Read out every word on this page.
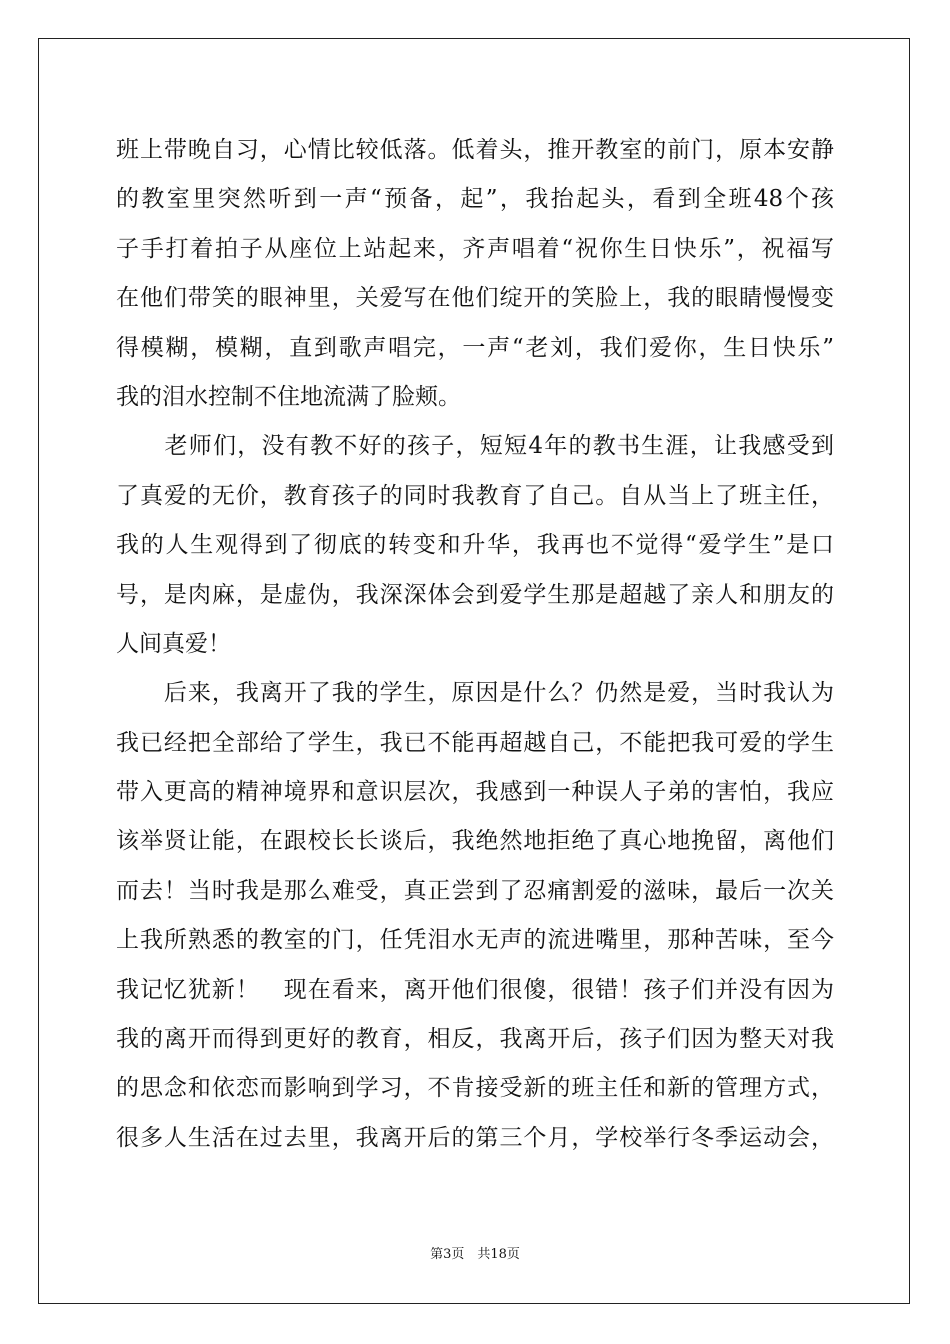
班上带晚自习，心情比较低落。低着头，推开教室的前门，原本安静
的教室里突然听到一声“预备，起”，我抬起头，看到全班48个孩
子手打着拍子从座位上站起来，齐声唱着“祝你生日快乐”，祝福写
在他们带笑的眼神里，关爱写在他们绽开的笑脸上，我的眼睛慢慢变
得模糊，模糊，直到歌声唱完，一声“老刘，我们爱你，生日快乐”
我的泪水控制不住地流满了脸颊。
　　老师们，没有教不好的孩子，短短4年的教书生涯，让我感受到
了真爱的无价，教育孩子的同时我教育了自己。自从当上了班主任，
我的人生观得到了彻底的转变和升华，我再也不觉得“爱学生”是口
号，是肉麻，是虚伪，我深深体会到爱学生那是超越了亲人和朋友的
人间真爱！
　　后来，我离开了我的学生，原因是什么？仍然是爱，当时我认为
我已经把全部给了学生，我已不能再超越自己，不能把我可爱的学生
带入更高的精神境界和意识层次，我感到一种误人子弟的害怕，我应
该举贤让能，在跟校长长谈后，我绝然地拒绝了真心地挽留，离他们
而去！当时我是那么难受，真正尝到了忍痛割爱的滋味，最后一次关
上我所熟悉的教室的门，任凭泪水无声的流进嘴里，那种苦味，至今
我记忆犹新！　现在看来，离开他们很傻，很错！孩子们并没有因为
我的离开而得到更好的教育，相反，我离开后，孩子们因为整天对我
的思念和依恋而影响到学习，不肯接受新的班主任和新的管理方式，
很多人生活在过去里，我离开后的第三个月，学校举行冬季运动会，
第3页　共18页
